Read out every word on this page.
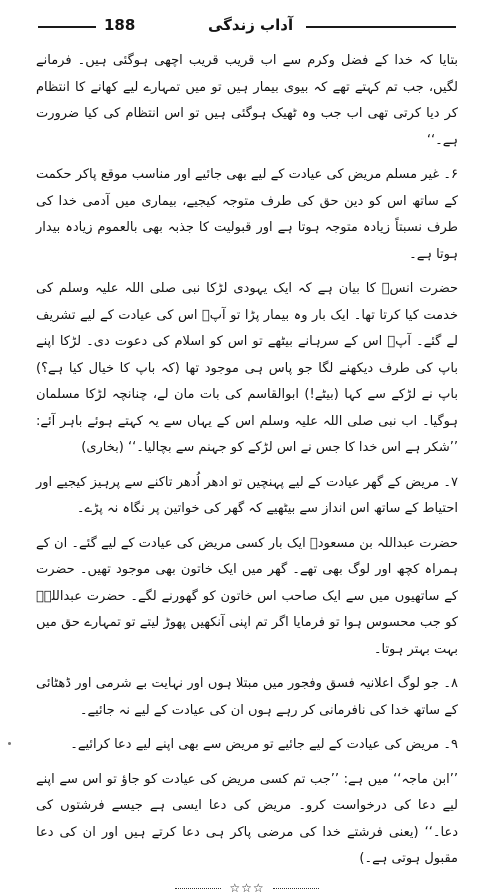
188	آداب زندگی

بتایا کہ خدا کے فضل وکرم سے اب قریب قریب اچھی ہوگئی ہیں۔ فرمانے لگیں، جب تم کہتے تھے کہ بیوی بیمار ہیں تو میں تمہارے لیے کھانے کا انتظام کر دیا کرتی تھی اب جب وہ ٹھیک ہوگئی ہیں تو اس انتظام کی کیا ضرورت ہے۔‘‘

۶۔ غیر مسلم مریض کی عیادت کے لیے بھی جائیے اور مناسب موقع پاکر حکمت کے ساتھ اس کو دین حق کی طرف متوجہ کیجیے، بیماری میں آدمی خدا کی طرف نسبتاً زیادہ متوجہ ہوتا ہے اور قبولیت کا جذبہ بھی بالعموم زیادہ بیدار ہوتا ہے۔

حضرت انسؓ کا بیان ہے کہ ایک یہودی لڑکا نبی صلی اللہ علیہ وسلم کی خدمت کیا کرتا تھا۔ ایک بار وہ بیمار پڑا تو آپؐ اس کی عیادت کے لیے تشریف لے گئے۔ آپؐ اس کے سرہانے بیٹھے تو اس کو اسلام کی دعوت دی۔ لڑکا اپنے باپ کی طرف دیکھنے لگا جو پاس ہی موجود تھا (کہ باپ کا خیال کیا ہے؟) باپ نے لڑکے سے کہا (بیٹے!) ابوالقاسم کی بات مان لے، چنانچہ لڑکا مسلمان ہوگیا۔ اب نبی صلی اللہ علیہ وسلم اس کے یہاں سے یہ کہتے ہوئے باہر آئے: ’’شکر ہے اس خدا کا جس نے اس لڑکے کو جہنم سے بچالیا۔‘‘ (بخاری)

۷۔ مریض کے گھر عیادت کے لیے پہنچیں تو ادھر اُدھر تاکنے سے پرہیز کیجیے اور احتیاط کے ساتھ اس انداز سے بیٹھیے کہ گھر کی خواتین پر نگاہ نہ پڑے۔

حضرت عبداللہ بن مسعودؓ ایک بار کسی مریض کی عیادت کے لیے گئے۔ ان کے ہمراہ کچھ اور لوگ بھی تھے۔ گھر میں ایک خاتون بھی موجود تھیں۔ حضرت کے ساتھیوں میں سے ایک صاحب اس خاتون کو گھورنے لگے۔ حضرت عبداللہؓ کو جب محسوس ہوا تو فرمایا اگر تم اپنی آنکھیں پھوڑ لیتے تو تمہارے حق میں بہت بہتر ہوتا۔

۸۔ جو لوگ اعلانیہ فسق وفجور میں مبتلا ہوں اور نہایت بے شرمی اور ڈھٹائی کے ساتھ خدا کی نافرمانی کر رہے ہوں ان کی عیادت کے لیے نہ جائیے۔

۹۔ مریض کی عیادت کے لیے جائیے تو مریض سے بھی اپنے لیے دعا کرائیے۔

’’ابن ماجہ‘‘ میں ہے: ’’جب تم کسی مریض کی عیادت کو جاؤ تو اس سے اپنے لیے دعا کی درخواست کرو۔ مریض کی دعا ایسی ہے جیسے فرشتوں کی دعا۔‘‘ (یعنی فرشتے خدا کی مرضی پاکر ہی دعا کرتے ہیں اور ان کی دعا مقبول ہوتی ہے۔)

☆☆☆
